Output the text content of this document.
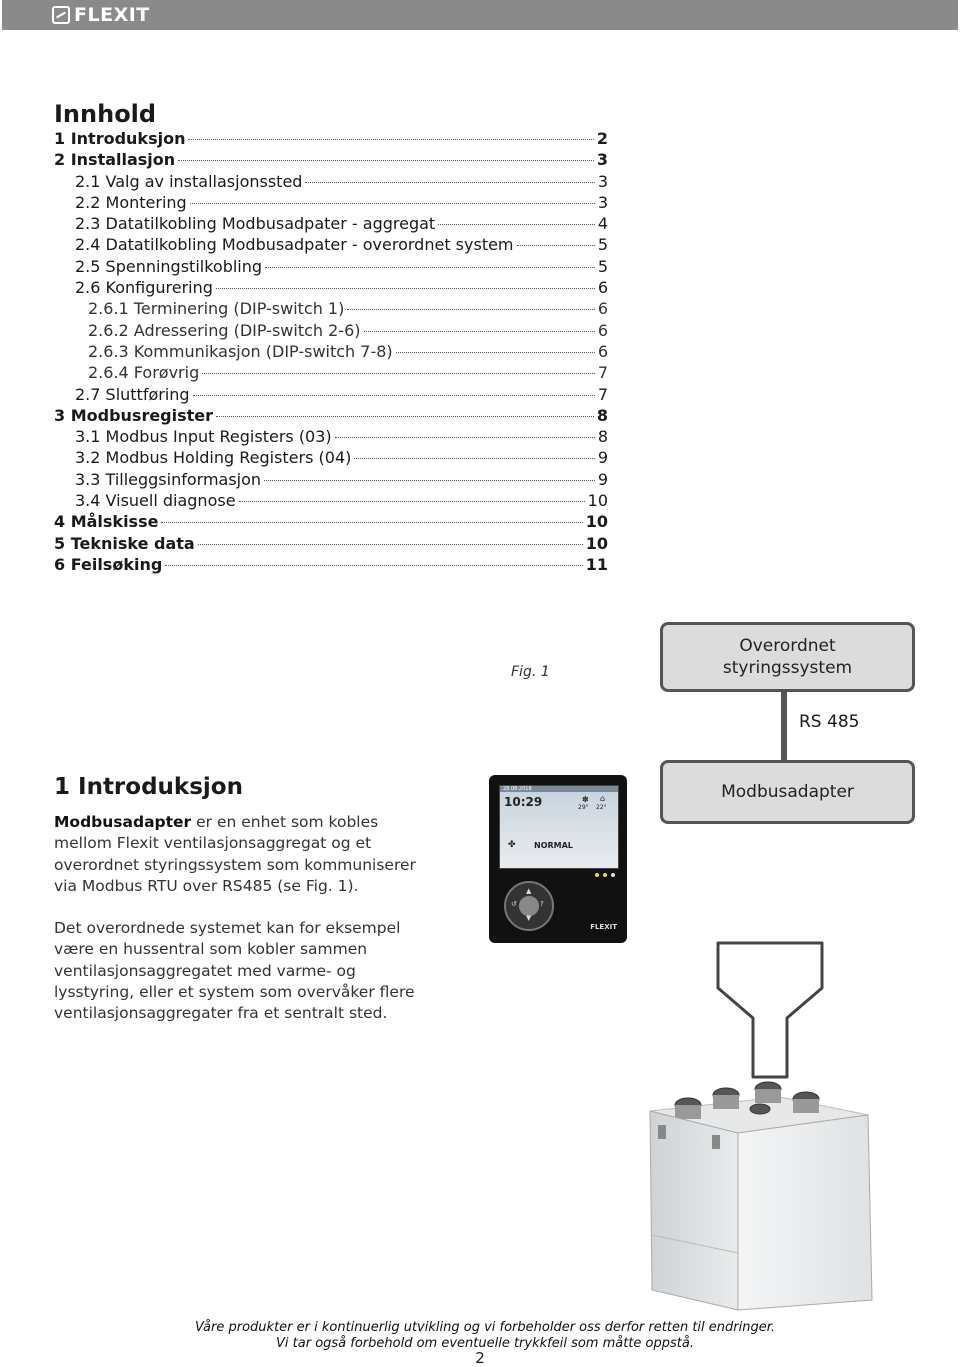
FLEXIT
Innhold
1 Introduksjon	2
2 Installasjon	3
2.1 Valg av installasjonssted	3
2.2 Montering	3
2.3 Datatilkobling Modbusadpater - aggregat	4
2.4 Datatilkobling Modbusadpater - overordnet system	5
2.5 Spenningstilkobling	5
2.6 Konfigurering	6
2.6.1 Terminering (DIP-switch 1)	6
2.6.2 Adressering (DIP-switch 2-6)	6
2.6.3 Kommunikasjon (DIP-switch 7-8)	6
2.6.4 Forøvrig	7
2.7 Sluttføring	7
3 Modbusregister	8
3.1 Modbus Input Registers (03)	8
3.2 Modbus Holding Registers (04)	9
3.3 Tilleggsinformasjon	9
3.4 Visuell diagnose	10
4 Målskisse	10
5 Tekniske data	10
6 Feilsøking	11
Fig. 1
Overordnet styringssystem
RS 485
Modbusadapter
1 Introduksjon

Modbusadapter er en enhet som kobles mellom Flexit ventilasjonsaggregat og et overordnet styringssystem som kommuniserer via Modbus RTU over RS485 (se Fig. 1).

Det overordnede systemet kan for eksempel være en hussentral som kobler sammen ventilasjonsaggregatet med varme- og lysstyring, eller et system som overvåker flere ventilasjonsaggregater fra et sentralt sted.

28.08.2018
10:29	✽ ⌂
29° 22°
✤ NORMAL
▲
▼
↺	?
FLEXIT
Våre produkter er i kontinuerlig utvikling og vi forbeholder oss derfor retten til endringer.
Vi tar også forbehold om eventuelle trykkfeil som måtte oppstå.
2
